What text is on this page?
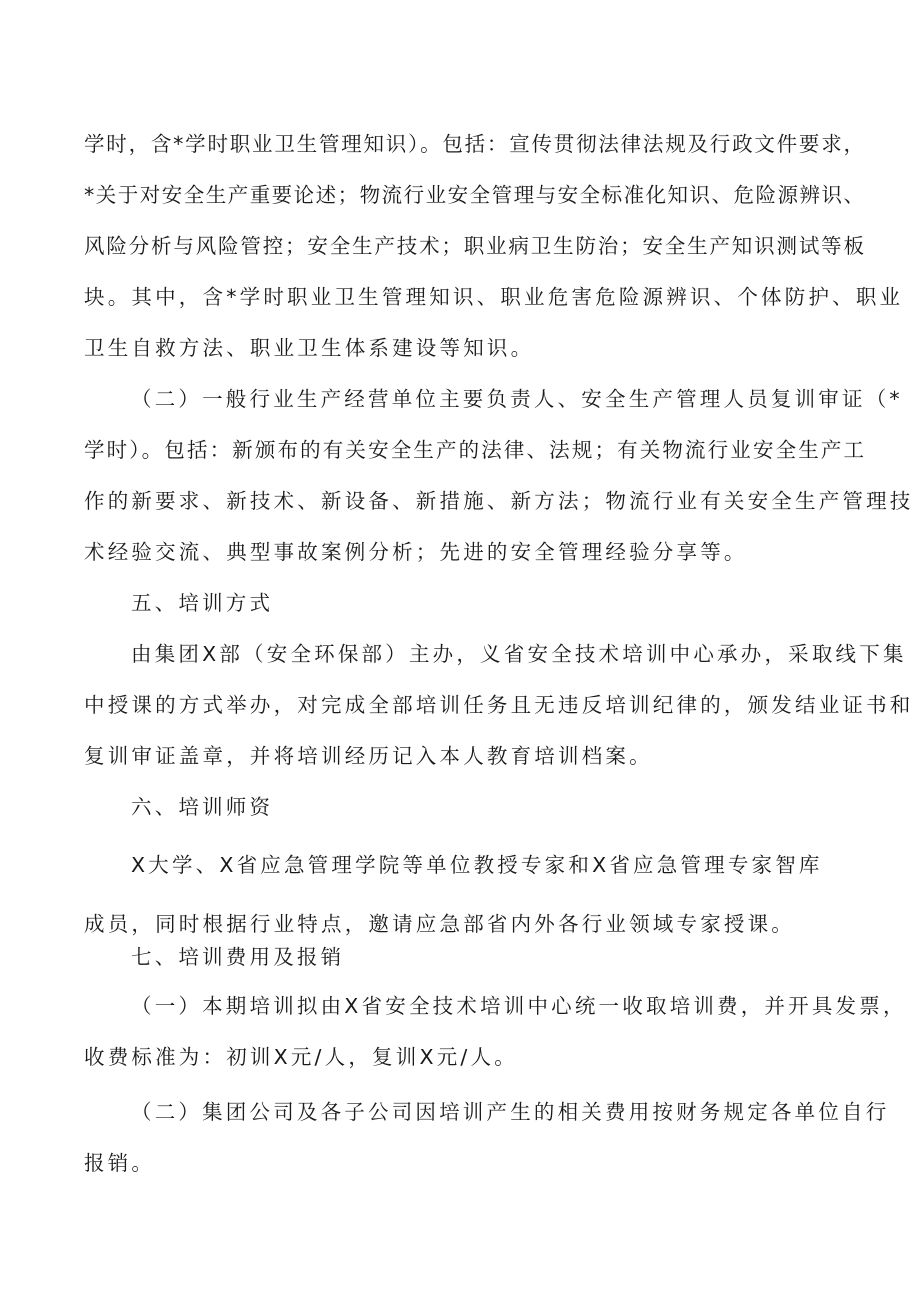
学时，含*学时职业卫生管理知识）。包括：宣传贯彻法律法规及行政文件要求，
*关于对安全生产重要论述；物流行业安全管理与安全标准化知识、危险源辨识、
风险分析与风险管控；安全生产技术；职业病卫生防治；安全生产知识测试等板
块。其中，含*学时职业卫生管理知识、职业危害危险源辨识、个体防护、职业
卫生自救方法、职业卫生体系建设等知识。
（二）一般行业生产经营单位主要负责人、安全生产管理人员复训审证（*
学时）。包括：新颁布的有关安全生产的法律、法规；有关物流行业安全生产工
作的新要求、新技术、新设备、新措施、新方法；物流行业有关安全生产管理技
术经验交流、典型事故案例分析；先进的安全管理经验分享等。
五、培训方式
由集团X部（安全环保部）主办，义省安全技术培训中心承办，采取线下集
中授课的方式举办，对完成全部培训任务且无违反培训纪律的，颁发结业证书和
复训审证盖章，并将培训经历记入本人教育培训档案。
六、培训师资
X大学、X省应急管理学院等单位教授专家和X省应急管理专家智库
成员，同时根据行业特点，邀请应急部省内外各行业领域专家授课。
七、培训费用及报销
（一）本期培训拟由X省安全技术培训中心统一收取培训费，并开具发票，
收费标准为：初训X元/人，复训X元/人。
（二）集团公司及各子公司因培训产生的相关费用按财务规定各单位自行
报销。
